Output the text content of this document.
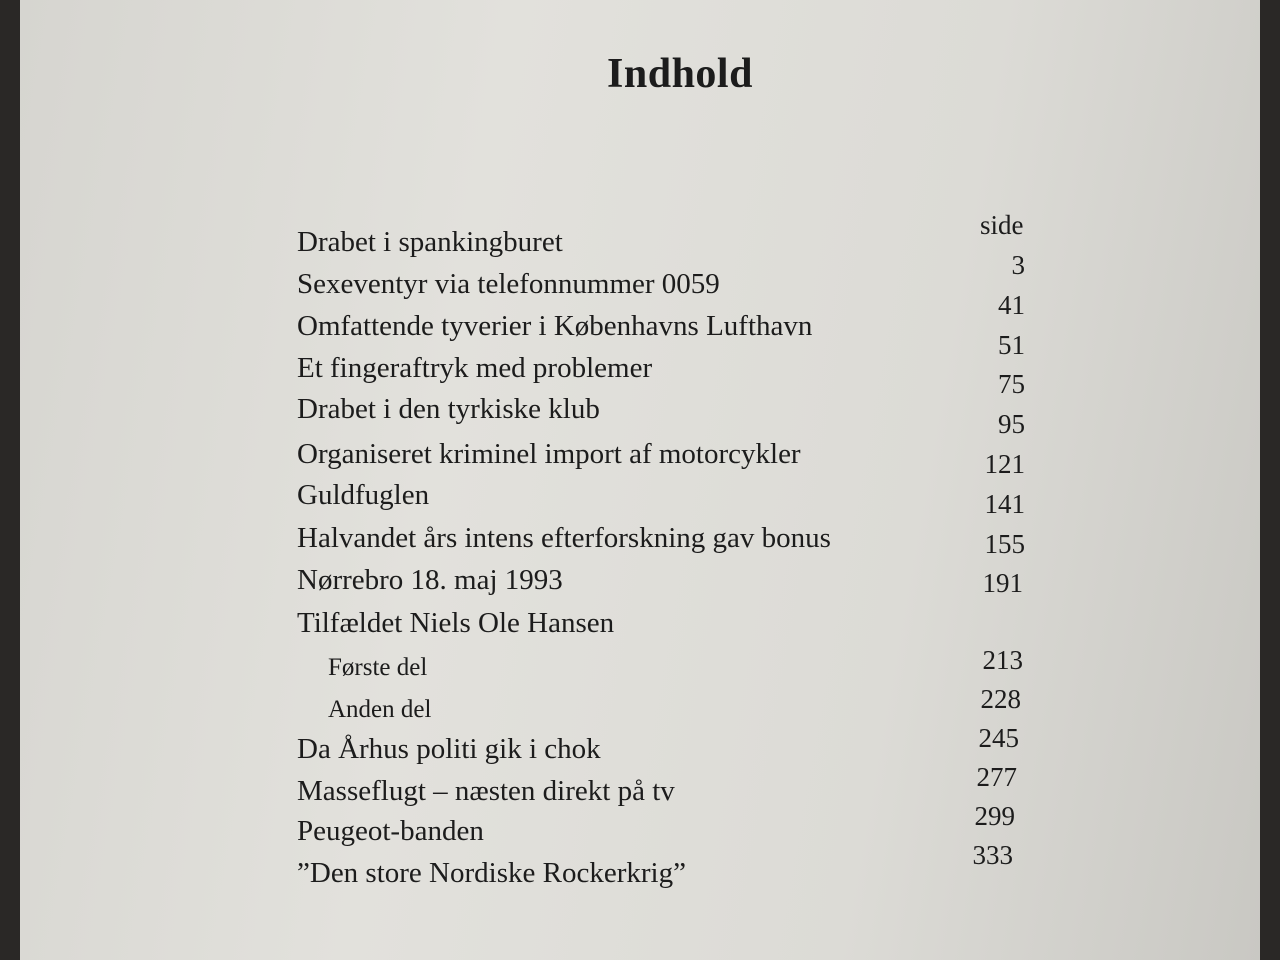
Indhold
side
Drabet i spankingburet
Sexeventyr via telefonnummer 0059
Omfattende tyverier i Københavns Lufthavn
Et fingeraftryk med problemer
Drabet i den tyrkiske klub
Organiseret kriminel import af motorcykler
Guldfuglen
Halvandet års intens efterforskning gav bonus
Nørrebro 18. maj 1993
Tilfældet Niels Ole Hansen
Første del
Anden del
Da Århus politi gik i chok
Masseflugt – næsten direkt på tv
Peugeot-banden
”Den store Nordiske Rockerkrig”
3
41
51
75
95
121
141
155
191
213
228
245
277
299
333
